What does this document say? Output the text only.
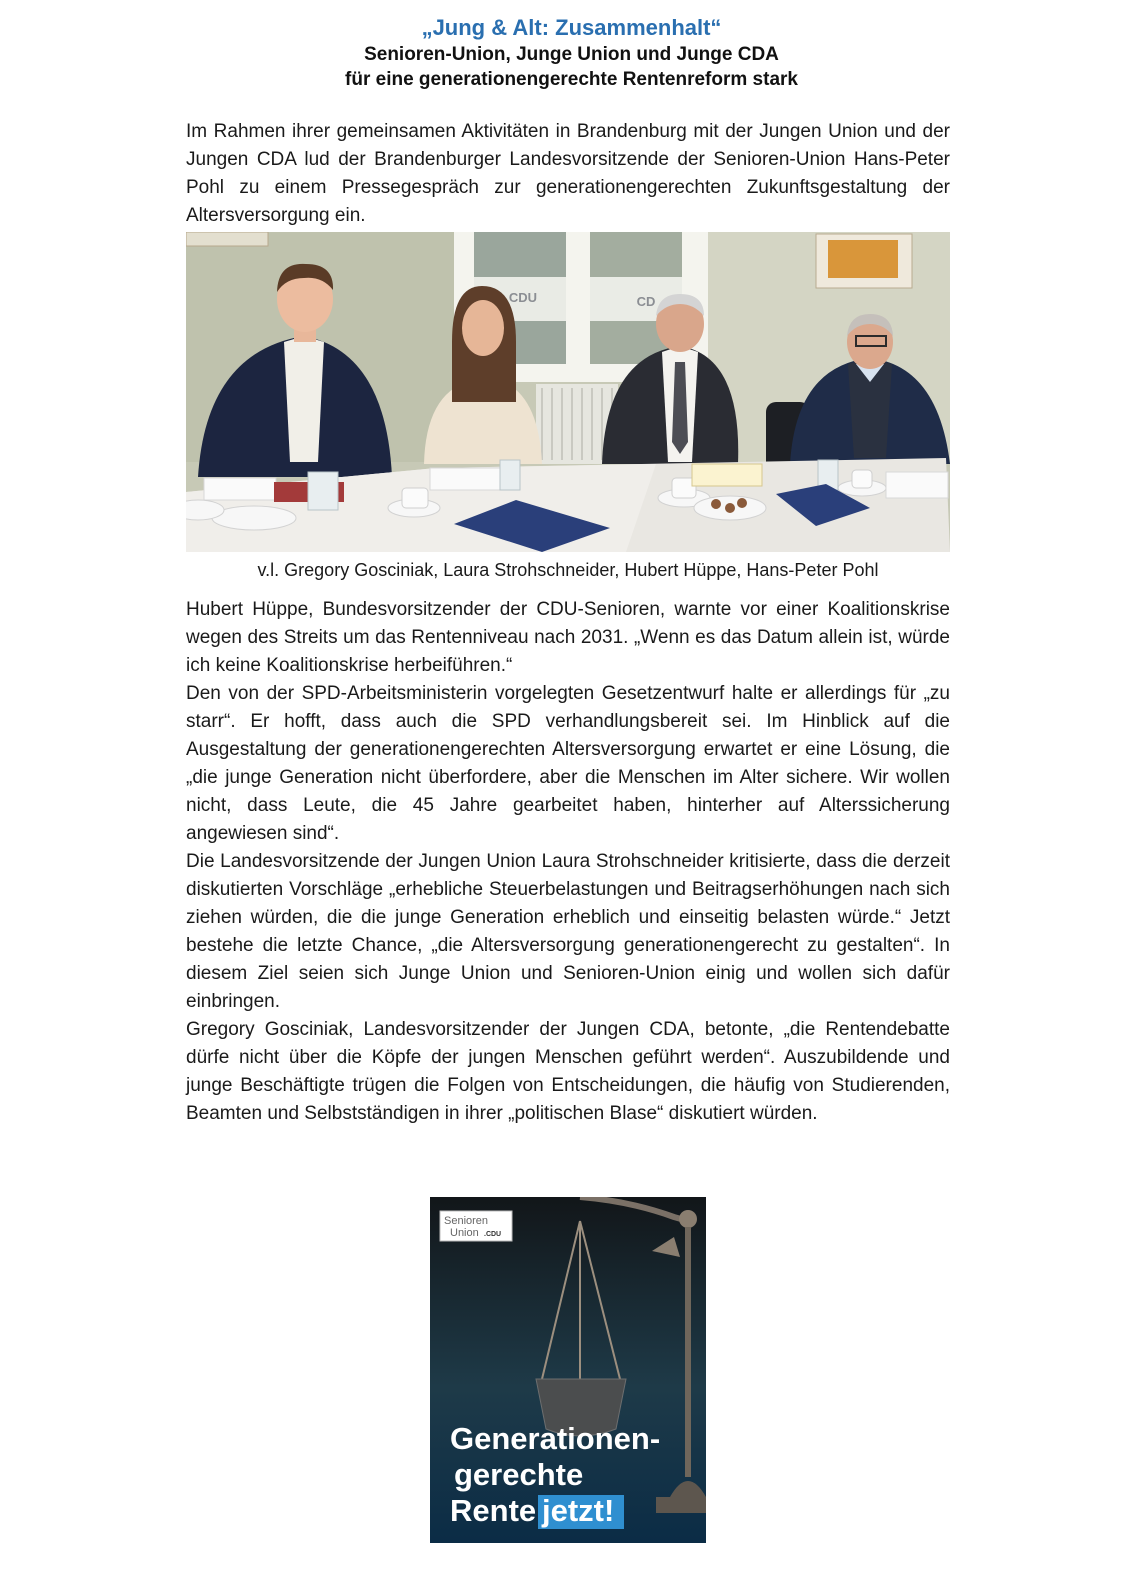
„Jung & Alt: Zusammenhalt“
Senioren-Union, Junge Union und Junge CDA
für eine generationengerechte Rentenreform stark

Im Rahmen ihrer gemeinsamen Aktivitäten in Brandenburg mit der Jungen Union und der Jungen CDA lud der Brandenburger Landesvorsitzende der Senioren-Union Hans-Peter Pohl zu einem Pressegespräch zur generationengerechten Zukunftsgestaltung der Altersversorgung ein.

CDU	CD
v.l. Gregory Gosciniak, Laura Strohschneider, Hubert Hüppe, Hans-Peter Pohl

Hubert Hüppe, Bundesvorsitzender der CDU-Senioren, warnte vor einer Koalitionskrise wegen des Streits um das Rentenniveau nach 2031. „Wenn es das Datum allein ist, würde ich keine Koalitionskrise herbeiführen.“

Den von der SPD-Arbeitsministerin vorgelegten Gesetzentwurf halte er allerdings für „zu starr“. Er hofft, dass auch die SPD verhandlungsbereit sei. Im Hinblick auf die Ausgestaltung der generationengerechten Altersversorgung erwartet er eine Lösung, die „die junge Generation nicht überfordere, aber die Menschen im Alter sichere. Wir wollen nicht, dass Leute, die 45 Jahre gearbeitet haben, hinterher auf Alterssicherung angewiesen sind“.

Die Landesvorsitzende der Jungen Union Laura Strohschneider kritisierte, dass die derzeit diskutierten Vorschläge „erhebliche Steuerbelastungen und Beitragserhöhungen nach sich ziehen würden, die die junge Generation erheblich und einseitig belasten würde.“ Jetzt bestehe die letzte Chance, „die Altersversorgung generationengerecht zu gestalten“. In diesem Ziel seien sich Junge Union und Senioren-Union einig und wollen sich dafür einbringen.

Gregory Gosciniak, Landesvorsitzender der Jungen CDA, betonte, „die Rentendebatte dürfe nicht über die Köpfe der jungen Menschen geführt werden“. Auszubildende und junge Beschäftigte trügen die Folgen von Entscheidungen, die häufig von Studierenden, Beamten und Selbstständigen in ihrer „politischen Blase“ diskutiert würden.

Senioren
Union .CDU
Generationen-
gerechte
Rente jetzt!
